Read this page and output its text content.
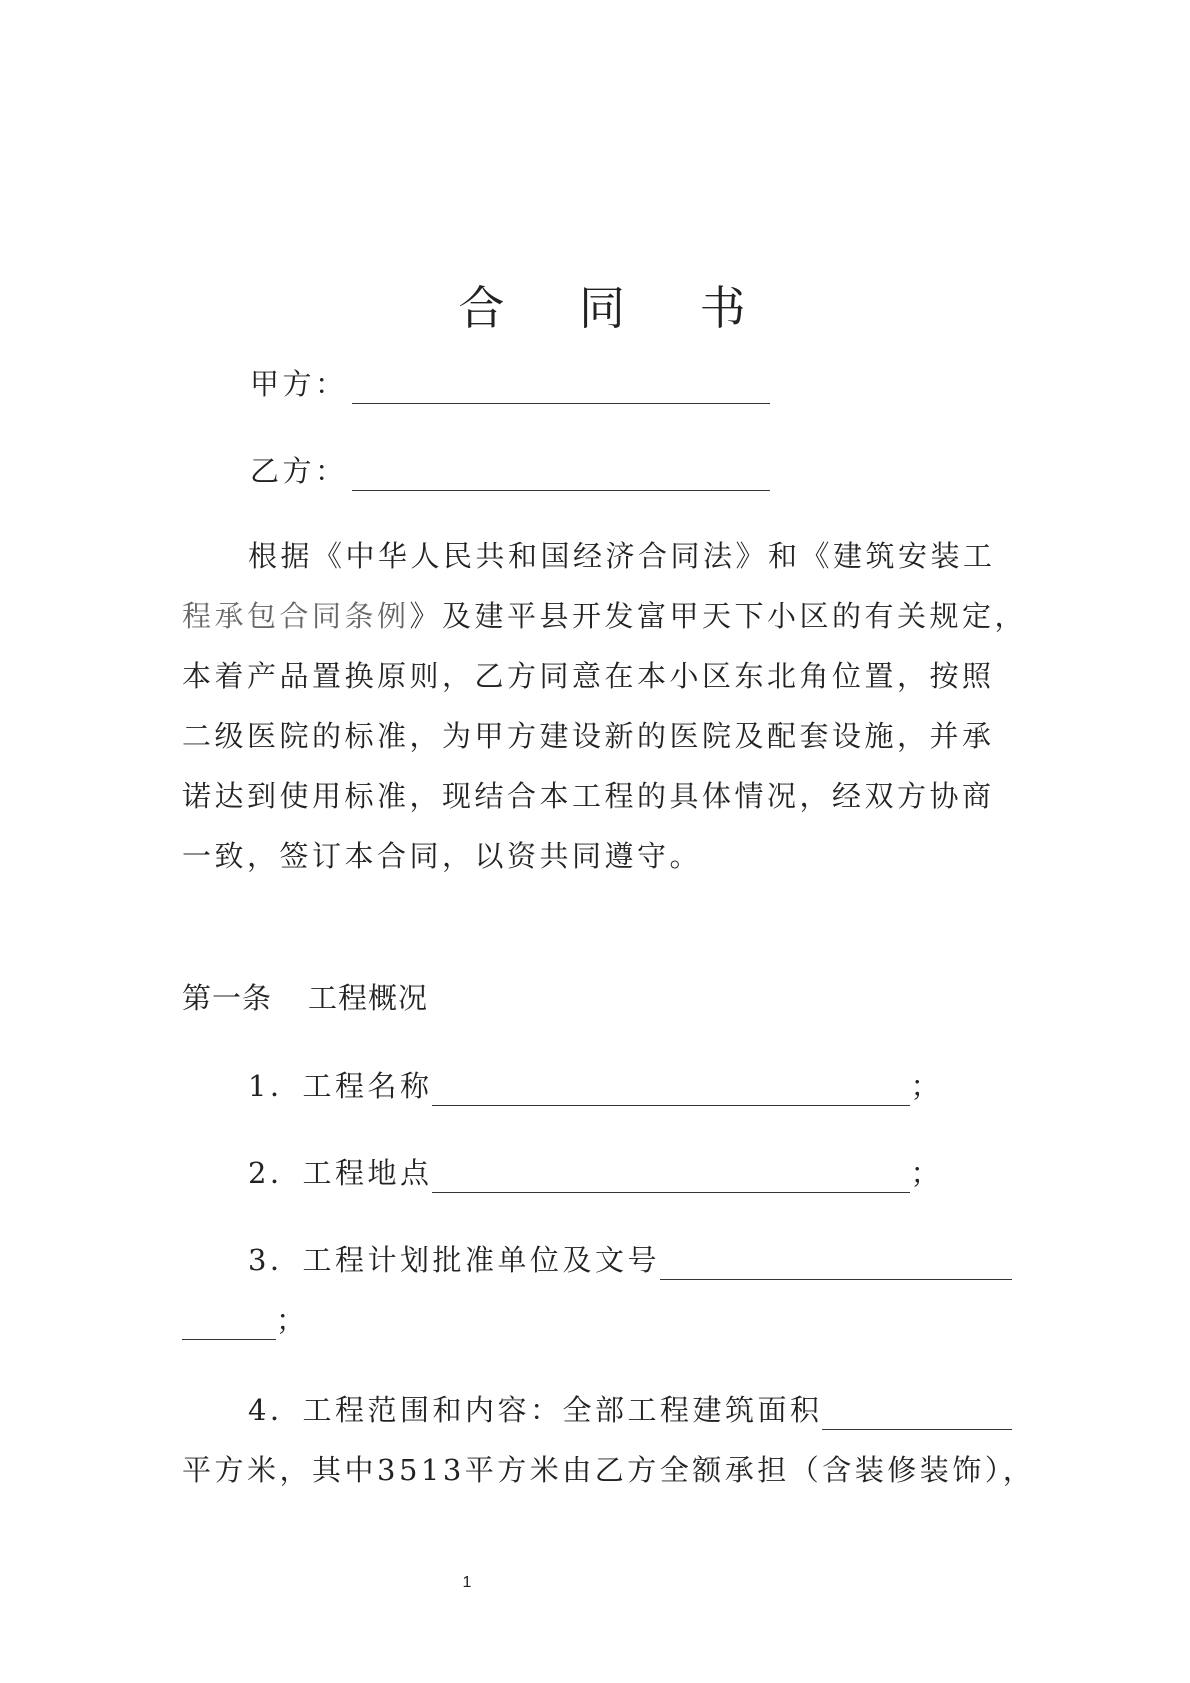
合 同 书
甲方：
乙方：
根据《中华人民共和国经济合同法》和《建筑安装工
程承包合同条例》及建平县开发富甲天下小区的有关规定，
本着产品置换原则，乙方同意在本小区东北角位置，按照
二级医院的标准，为甲方建设新的医院及配套设施，并承
诺达到使用标准，现结合本工程的具体情况，经双方协商
一致，签订本合同，以资共同遵守。
第一条 工程概况
1．工程名称	；
2．工程地点	；
3．工程计划批准单位及文号
；
4．工程范围和内容：全部工程建筑面积
平方米，其中3513平方米由乙方全额承担（含装修装饰），
1
